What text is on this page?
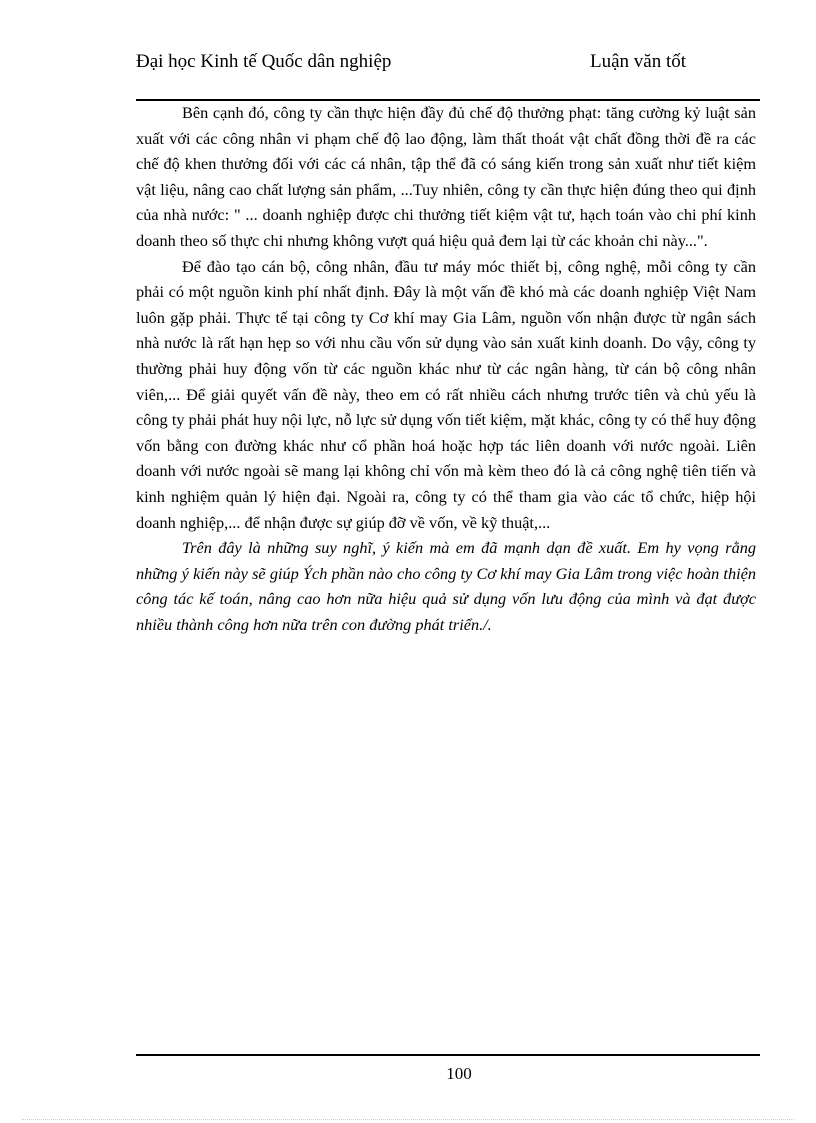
Đại học Kinh tế Quốc dân nghiệp	Luận văn tốt

Bên cạnh đó, công ty cần thực hiện đầy đủ chế độ thưởng phạt: tăng cường kỷ luật sản xuất với các công nhân vi phạm chế độ lao động, làm thất thoát vật chất đồng thời đề ra các chế độ khen thưởng đối với các cá nhân, tập thể đã có sáng kiến trong sản xuất như tiết kiệm vật liệu, nâng cao chất lượng sản phẩm, ...Tuy nhiên, công ty cần thực hiện đúng theo qui định của nhà nước: " ... doanh nghiệp được chi thưởng tiết kiệm vật tư, hạch toán vào chi phí kinh doanh theo số thực chi nhưng không vượt quá hiệu quả đem lại từ các khoản chi này...".

Để đào tạo cán bộ, công nhân, đầu tư máy móc thiết bị, công nghệ, mỗi công ty cần phải có một nguồn kinh phí nhất định. Đây là một vấn đề khó mà các doanh nghiệp Việt Nam luôn gặp phải. Thực tế tại công ty Cơ khí may Gia Lâm, nguồn vốn nhận được từ ngân sách nhà nước là rất hạn hẹp so với nhu cầu vốn sử dụng vào sản xuất kinh doanh. Do vậy, công ty thường phải huy động vốn từ các nguồn khác như từ các ngân hàng, từ cán bộ công nhân viên,... Để giải quyết vấn đề này, theo em có rất nhiều cách nhưng trước tiên và chủ yếu là công ty phải phát huy nội lực, nỗ lực sử dụng vốn tiết kiệm, mặt khác, công ty có thể huy động vốn bằng con đường khác như cổ phần hoá hoặc hợp tác liên doanh với nước ngoài. Liên doanh với nước ngoài sẽ mang lại không chỉ vốn mà kèm theo đó là cả công nghệ tiên tiến và kinh nghiệm quản lý hiện đại. Ngoài ra, công ty có thể tham gia vào các tổ chức, hiệp hội doanh nghiệp,... để nhận được sự giúp đỡ về vốn, về kỹ thuật,...

Trên đây là những suy nghĩ, ý kiến mà em đã mạnh dạn đề xuất. Em hy vọng rằng những ý kiến này sẽ giúp Ých phần nào cho công ty Cơ khí may Gia Lâm trong việc hoàn thiện công tác kế toán, nâng cao hơn nữa hiệu quả sử dụng vốn lưu động của mình và đạt được nhiều thành công hơn nữa trên con đường phát triển./.

100
